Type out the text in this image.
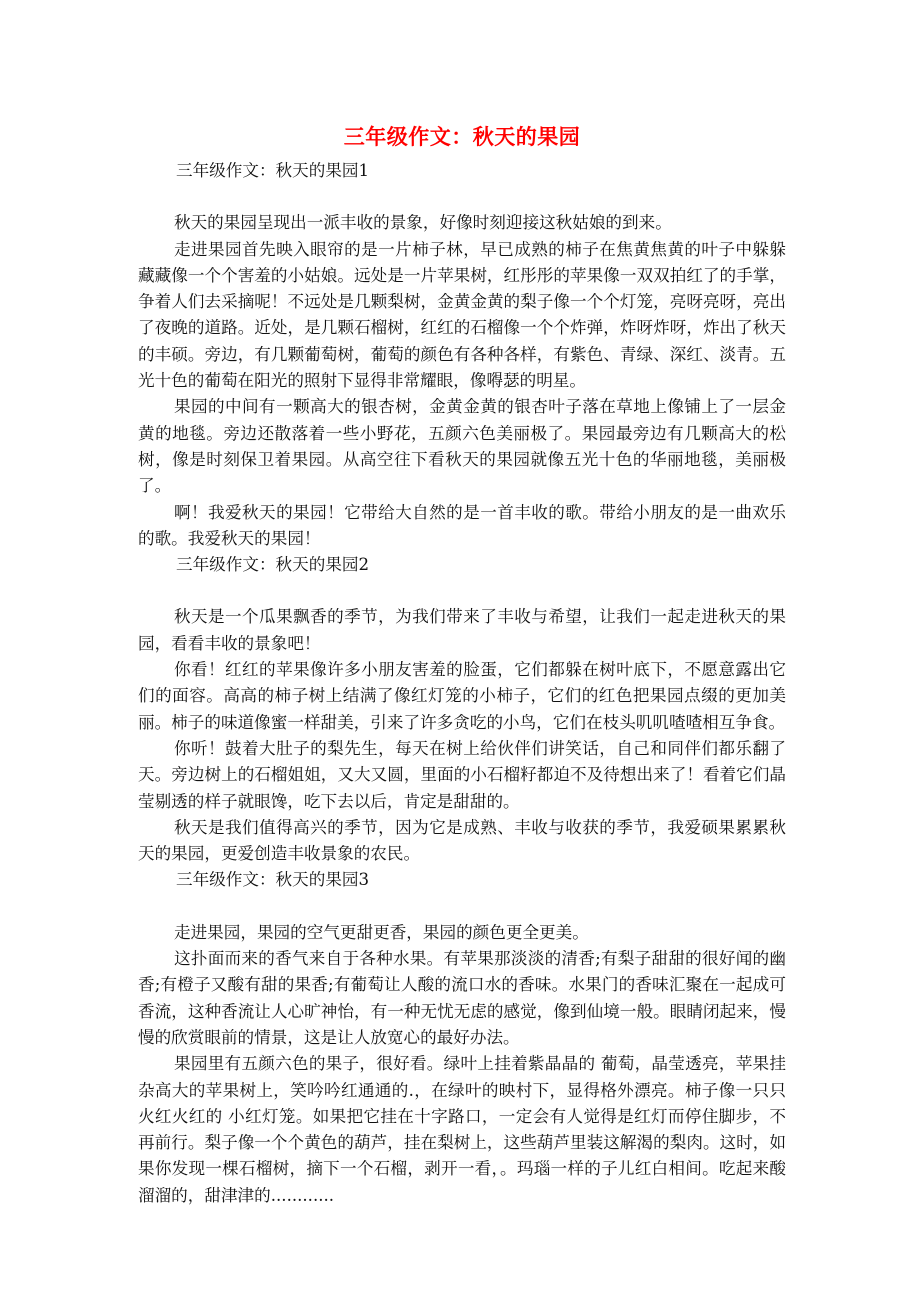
三年级作文：秋天的果园

三年级作文：秋天的果园1

秋天的果园呈现出一派丰收的景象，好像时刻迎接这秋姑娘的到来。

走进果园首先映入眼帘的是一片柿子林，早已成熟的柿子在焦黄焦黄的叶子中躲躲藏藏像一个个害羞的小姑娘。远处是一片苹果树，红彤彤的苹果像一双双拍红了的手掌，争着人们去采摘呢！不远处是几颗梨树，金黄金黄的梨子像一个个灯笼，亮呀亮呀，亮出了夜晚的道路。近处，是几颗石榴树，红红的石榴像一个个炸弹，炸呀炸呀，炸出了秋天的丰硕。旁边，有几颗葡萄树，葡萄的颜色有各种各样，有紫色、青绿、深红、淡青。五光十色的葡萄在阳光的照射下显得非常耀眼，像嘚瑟的明星。

果园的中间有一颗高大的银杏树，金黄金黄的银杏叶子落在草地上像铺上了一层金黄的地毯。旁边还散落着一些小野花，五颜六色美丽极了。果园最旁边有几颗高大的松树，像是时刻保卫着果园。从高空往下看秋天的果园就像五光十色的华丽地毯，美丽极了。

啊！我爱秋天的果园！它带给大自然的是一首丰收的歌。带给小朋友的是一曲欢乐的歌。我爱秋天的果园！

三年级作文：秋天的果园2

秋天是一个瓜果飘香的季节，为我们带来了丰收与希望，让我们一起走进秋天的果园，看看丰收的景象吧！

你看！红红的苹果像许多小朋友害羞的脸蛋，它们都躲在树叶底下，不愿意露出它们的面容。高高的柿子树上结满了像红灯笼的小柿子，它们的红色把果园点缀的更加美丽。柿子的味道像蜜一样甜美，引来了许多贪吃的小鸟，它们在枝头叽叽喳喳相互争食。

你听！鼓着大肚子的梨先生，每天在树上给伙伴们讲笑话，自己和同伴们都乐翻了天。旁边树上的石榴姐姐，又大又圆，里面的小石榴籽都迫不及待想出来了！看着它们晶莹剔透的样子就眼馋，吃下去以后，肯定是甜甜的。

秋天是我们值得高兴的季节，因为它是成熟、丰收与收获的季节，我爱硕果累累秋天的果园，更爱创造丰收景象的农民。

三年级作文：秋天的果园3

走进果园，果园的空气更甜更香，果园的颜色更全更美。

这扑面而来的香气来自于各种水果。有苹果那淡淡的清香;有梨子甜甜的很好闻的幽香;有橙子又酸有甜的果香;有葡萄让人酸的流口水的香味。水果门的香味汇聚在一起成可香流，这种香流让人心旷神怡，有一种无忧无虑的感觉，像到仙境一般。眼睛闭起来，慢慢的欣赏眼前的情景，这是让人放宽心的最好办法。

果园里有五颜六色的果子，很好看。绿叶上挂着紫晶晶的 葡萄，晶莹透亮，苹果挂杂高大的苹果树上，笑吟吟红通通的.，在绿叶的映村下，显得格外漂亮。柿子像一只只火红火红的 小红灯笼。如果把它挂在十字路口，一定会有人觉得是红灯而停住脚步，不再前行。梨子像一个个黄色的葫芦，挂在梨树上，这些葫芦里装这解渴的梨肉。这时，如果你发现一棵石榴树，摘下一个石榴，剥开一看，。玛瑙一样的子儿红白相间。吃起来酸溜溜的，甜津津的............
